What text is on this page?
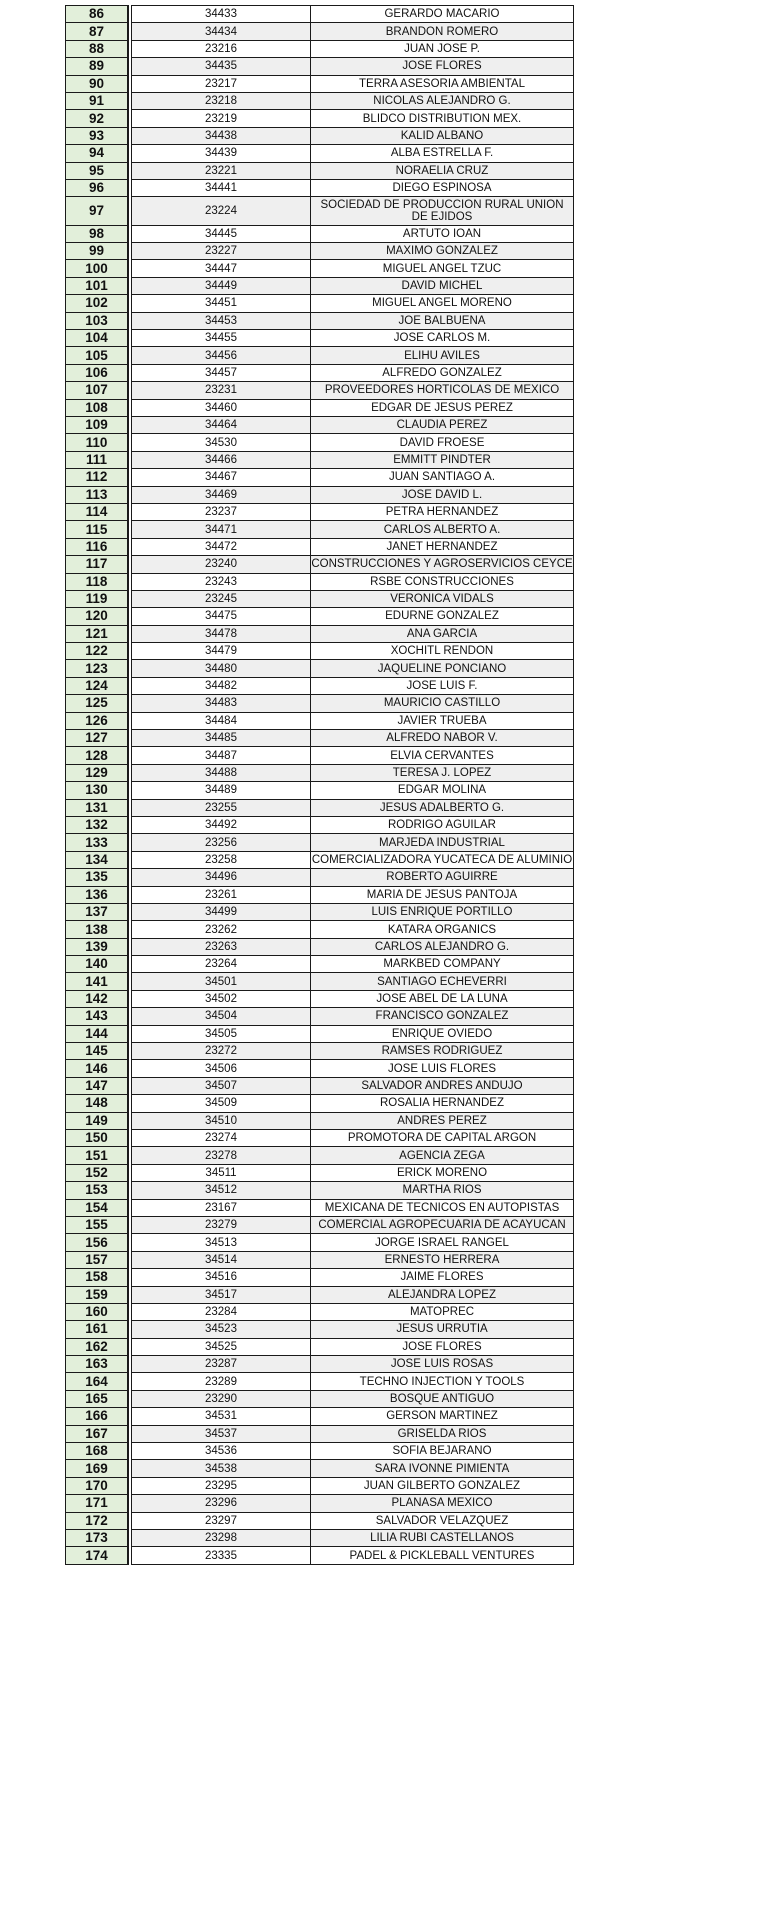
86		34433	GERARDO MACARIO
87		34434	BRANDON ROMERO
88		23216	JUAN JOSE P.
89		34435	JOSE FLORES
90		23217	TERRA ASESORIA AMBIENTAL
91		23218	NICOLAS ALEJANDRO G.
92		23219	BLIDCO DISTRIBUTION MEX.
93		34438	KALID ALBANO
94		34439	ALBA ESTRELLA F.
95		23221	NORAELIA CRUZ
96		34441	DIEGO ESPINOSA
97		23224	SOCIEDAD DE PRODUCCION RURAL UNION DE EJIDOS
98		34445	ARTUTO IOAN
99		23227	MAXIMO GONZALEZ
100		34447	MIGUEL ANGEL TZUC
101		34449	DAVID MICHEL
102		34451	MIGUEL ANGEL MORENO
103		34453	JOE BALBUENA
104		34455	JOSE CARLOS M.
105		34456	ELIHU AVILES
106		34457	ALFREDO GONZALEZ
107		23231	PROVEEDORES HORTICOLAS DE MEXICO
108		34460	EDGAR DE JESUS PEREZ
109		34464	CLAUDIA PEREZ
110		34530	DAVID FROESE
111		34466	EMMITT PINDTER
112		34467	JUAN SANTIAGO A.
113		34469	JOSE DAVID L.
114		23237	PETRA HERNANDEZ
115		34471	CARLOS ALBERTO A.
116		34472	JANET HERNANDEZ
117		23240	CONSTRUCCIONES Y AGROSERVICIOS CEYCE
118		23243	RSBE CONSTRUCCIONES
119		23245	VERONICA VIDALS
120		34475	EDURNE GONZALEZ
121		34478	ANA GARCIA
122		34479	XOCHITL RENDON
123		34480	JAQUELINE PONCIANO
124		34482	JOSE LUIS F.
125		34483	MAURICIO CASTILLO
126		34484	JAVIER TRUEBA
127		34485	ALFREDO NABOR V.
128		34487	ELVIA CERVANTES
129		34488	TERESA J. LOPEZ
130		34489	EDGAR MOLINA
131		23255	JESUS ADALBERTO G.
132		34492	RODRIGO AGUILAR
133		23256	MARJEDA INDUSTRIAL
134		23258	COMERCIALIZADORA YUCATECA DE ALUMINIO
135		34496	ROBERTO AGUIRRE
136		23261	MARIA DE JESUS PANTOJA
137		34499	LUIS ENRIQUE PORTILLO
138		23262	KATARA ORGANICS
139		23263	CARLOS ALEJANDRO G.
140		23264	MARKBED COMPANY
141		34501	SANTIAGO ECHEVERRI
142		34502	JOSE ABEL DE LA LUNA
143		34504	FRANCISCO GONZALEZ
144		34505	ENRIQUE OVIEDO
145		23272	RAMSES RODRIGUEZ
146		34506	JOSE LUIS FLORES
147		34507	SALVADOR ANDRES ANDUJO
148		34509	ROSALIA HERNANDEZ
149		34510	ANDRES PEREZ
150		23274	PROMOTORA DE CAPITAL ARGON
151		23278	AGENCIA ZEGA
152		34511	ERICK MORENO
153		34512	MARTHA RIOS
154		23167	MEXICANA DE TECNICOS EN AUTOPISTAS
155		23279	COMERCIAL AGROPECUARIA DE ACAYUCAN
156		34513	JORGE ISRAEL RANGEL
157		34514	ERNESTO HERRERA
158		34516	JAIME FLORES
159		34517	ALEJANDRA LOPEZ
160		23284	MATOPREC
161		34523	JESUS URRUTIA
162		34525	JOSE FLORES
163		23287	JOSE LUIS ROSAS
164		23289	TECHNO INJECTION Y TOOLS
165		23290	BOSQUE ANTIGUO
166		34531	GERSON MARTINEZ
167		34537	GRISELDA RIOS
168		34536	SOFIA BEJARANO
169		34538	SARA IVONNE PIMIENTA
170		23295	JUAN GILBERTO GONZALEZ
171		23296	PLANASA MEXICO
172		23297	SALVADOR VELAZQUEZ
173		23298	LILIA RUBI CASTELLANOS
174		23335	PADEL & PICKLEBALL VENTURES
